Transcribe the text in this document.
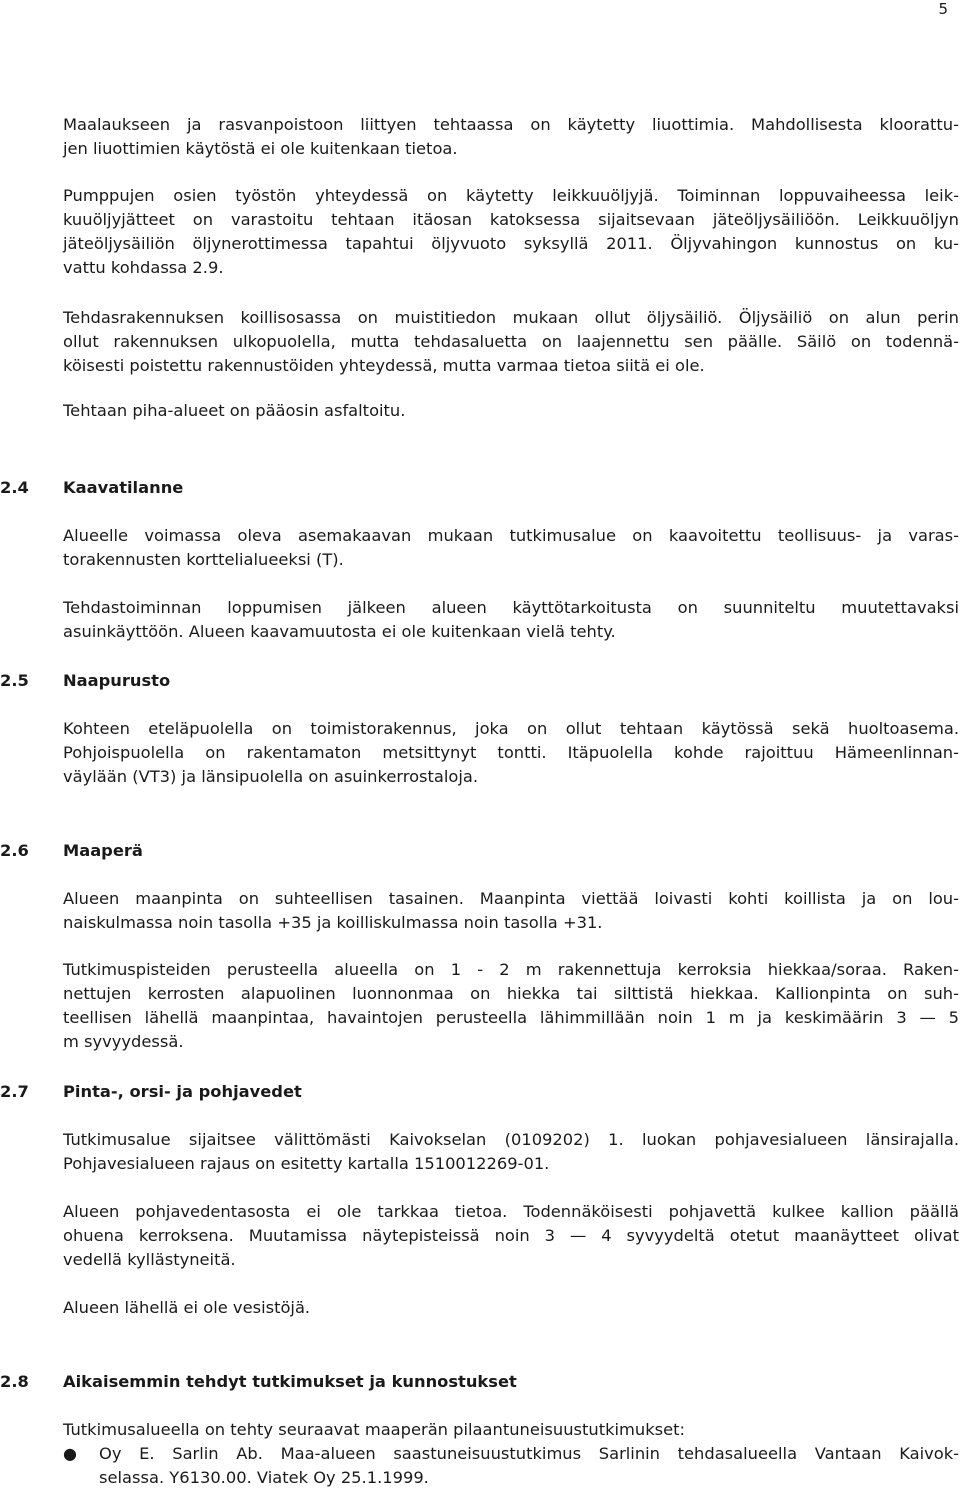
5
Maalaukseen ja rasvanpoistoon liittyen tehtaassa on käytetty liuottimia. Mahdollisesta kloorattu-
jen liuottimien käytöstä ei ole kuitenkaan tietoa.
Pumppujen osien työstön yhteydessä on käytetty leikkuuöljyjä. Toiminnan loppuvaiheessa leik-
kuuöljyjätteet on varastoitu tehtaan itäosan katoksessa sijaitsevaan jäteöljysäiliöön. Leikkuuöljyn
jäteöljysäiliön öljynerottimessa tapahtui öljyvuoto syksyllä 2011. Öljyvahingon kunnostus on ku-
vattu kohdassa 2.9.
Tehdasrakennuksen koillisosassa on muistitiedon mukaan ollut öljysäiliö. Öljysäiliö on alun perin
ollut rakennuksen ulkopuolella, mutta tehdasaluetta on laajennettu sen päälle. Säilö on todennä-
köisesti poistettu rakennustöiden yhteydessä, mutta varmaa tietoa siitä ei ole.
Tehtaan piha-alueet on pääosin asfaltoitu.
2.4 Kaavatilanne
Alueelle voimassa oleva asemakaavan mukaan tutkimusalue on kaavoitettu teollisuus- ja varas-
torakennusten korttelialueeksi (T).
Tehdastoiminnan loppumisen jälkeen alueen käyttötarkoitusta on suunniteltu muutettavaksi
asuinkäyttöön. Alueen kaavamuutosta ei ole kuitenkaan vielä tehty.
2.5 Naapurusto
Kohteen eteläpuolella on toimistorakennus, joka on ollut tehtaan käytössä sekä huoltoasema.
Pohjoispuolella on rakentamaton metsittynyt tontti. Itäpuolella kohde rajoittuu Hämeenlinnan-
väylään (VT3) ja länsipuolella on asuinkerrostaloja.
2.6 Maaperä
Alueen maanpinta on suhteellisen tasainen. Maanpinta viettää loivasti kohti koillista ja on lou-
naiskulmassa noin tasolla +35 ja koilliskulmassa noin tasolla +31.
Tutkimuspisteiden perusteella alueella on 1 - 2 m rakennettuja kerroksia hiekkaa/soraa. Raken-
nettujen kerrosten alapuolinen luonnonmaa on hiekka tai silttistä hiekkaa. Kallionpinta on suh-
teellisen lähellä maanpintaa, havaintojen perusteella lähimmillään noin 1 m ja keskimäärin 3 — 5
m syvyydessä.
2.7 Pinta-, orsi- ja pohjavedet
Tutkimusalue sijaitsee välittömästi Kaivokselan (0109202) 1. luokan pohjavesialueen länsirajalla.
Pohjavesialueen rajaus on esitetty kartalla 1510012269-01.
Alueen pohjavedentasosta ei ole tarkkaa tietoa. Todennäköisesti pohjavettä kulkee kallion päällä
ohuena kerroksena. Muutamissa näytepisteissä noin 3 — 4 syvyydeltä otetut maanäytteet olivat
vedellä kyllästyneitä.
Alueen lähellä ei ole vesistöjä.
2.8 Aikaisemmin tehdyt tutkimukset ja kunnostukset
Tutkimusalueella on tehty seuraavat maaperän pilaantuneisuustutkimukset:
● Oy E. Sarlin Ab. Maa-alueen saastuneisuustutkimus Sarlinin tehdasalueella Vantaan Kaivok-
selassa. Y6130.00. Viatek Oy 25.1.1999.
